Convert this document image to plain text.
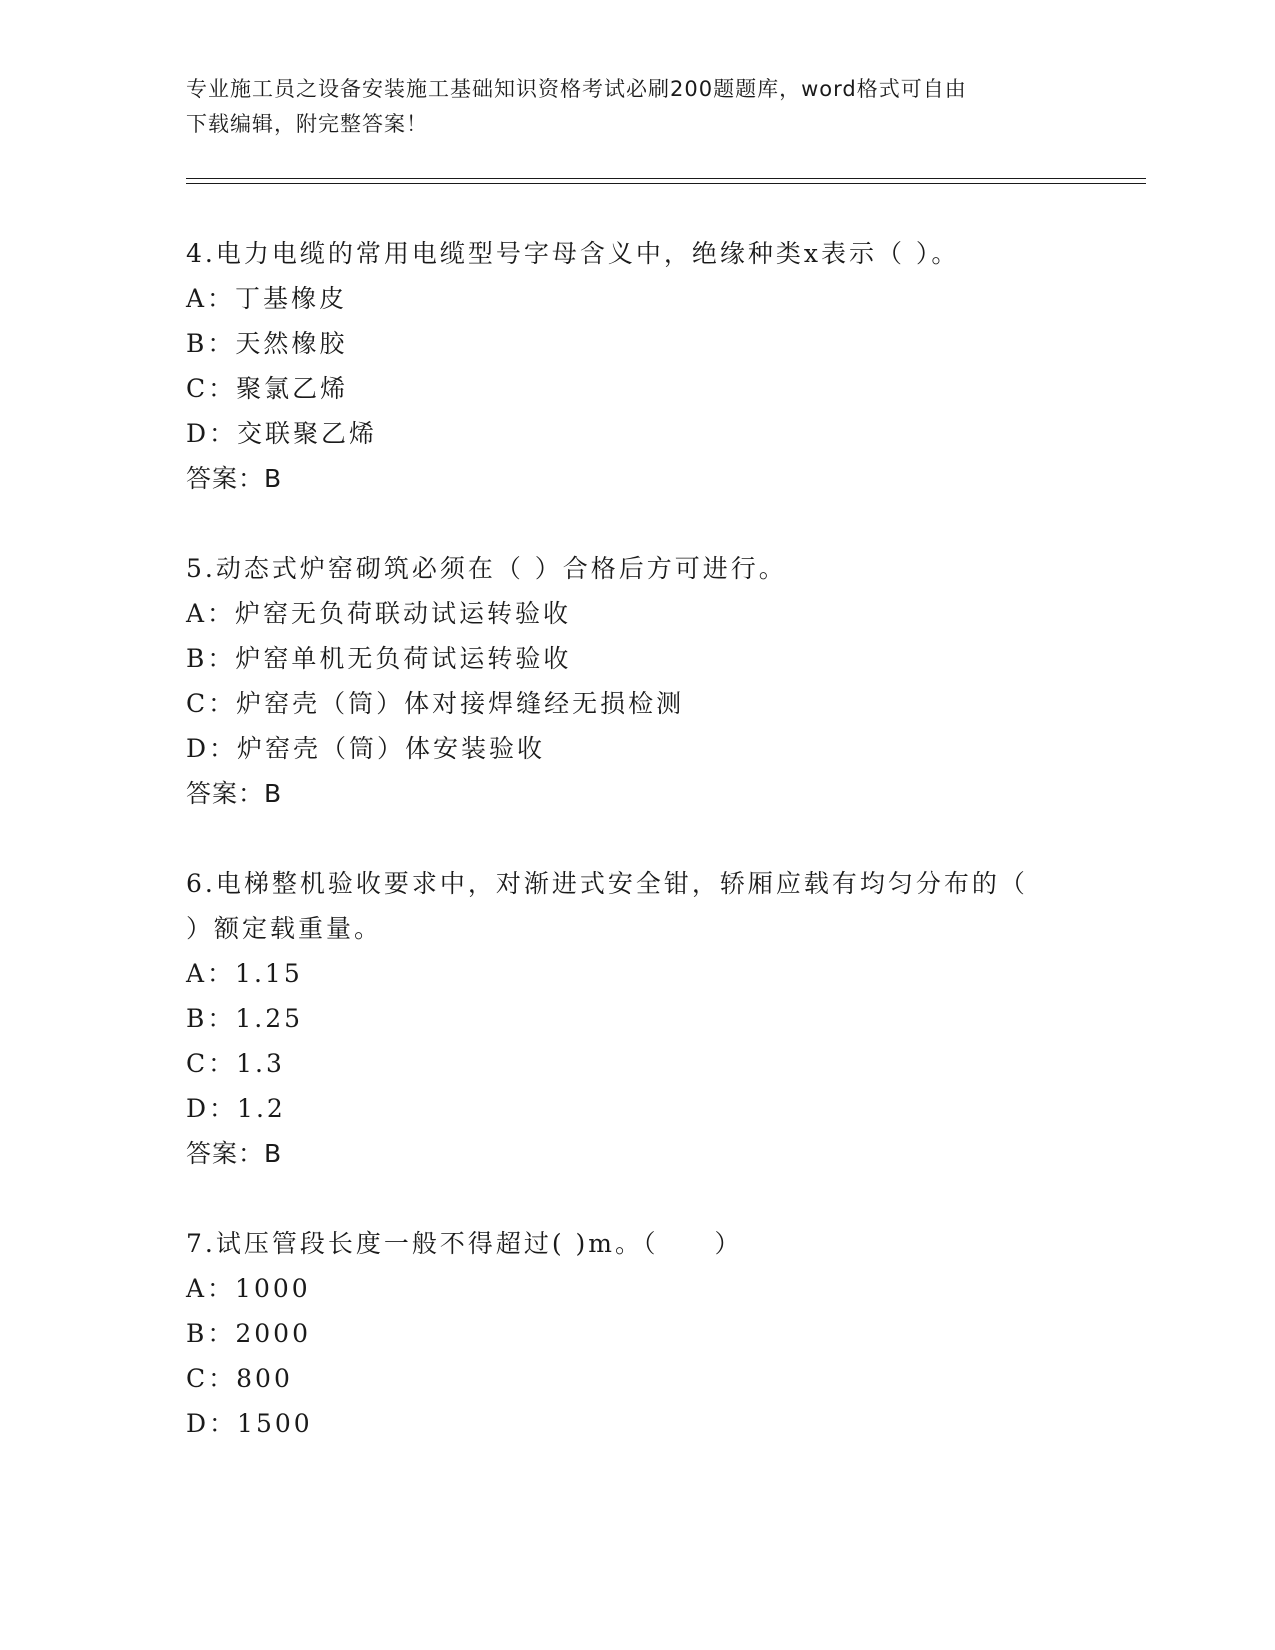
专业施工员之设备安装施工基础知识资格考试必刷200题题库，word格式可自由
下载编辑，附完整答案！
4.电力电缆的常用电缆型号字母含义中，绝缘种类x表示（ ）。
A：丁基橡皮
B：天然橡胶
C：聚氯乙烯
D：交联聚乙烯
答案：B
5.动态式炉窑砌筑必须在（ ）合格后方可进行。
A：炉窑无负荷联动试运转验收
B：炉窑单机无负荷试运转验收
C：炉窑壳（筒）体对接焊缝经无损检测
D：炉窑壳（筒）体安装验收
答案：B
6.电梯整机验收要求中，对渐进式安全钳，轿厢应载有均匀分布的（
）额定载重量。
A：1.15
B：1.25
C：1.3
D：1.2
答案：B
7.试压管段长度一般不得超过( )m。（　　）
A：1000
B：2000
C：800
D：1500
